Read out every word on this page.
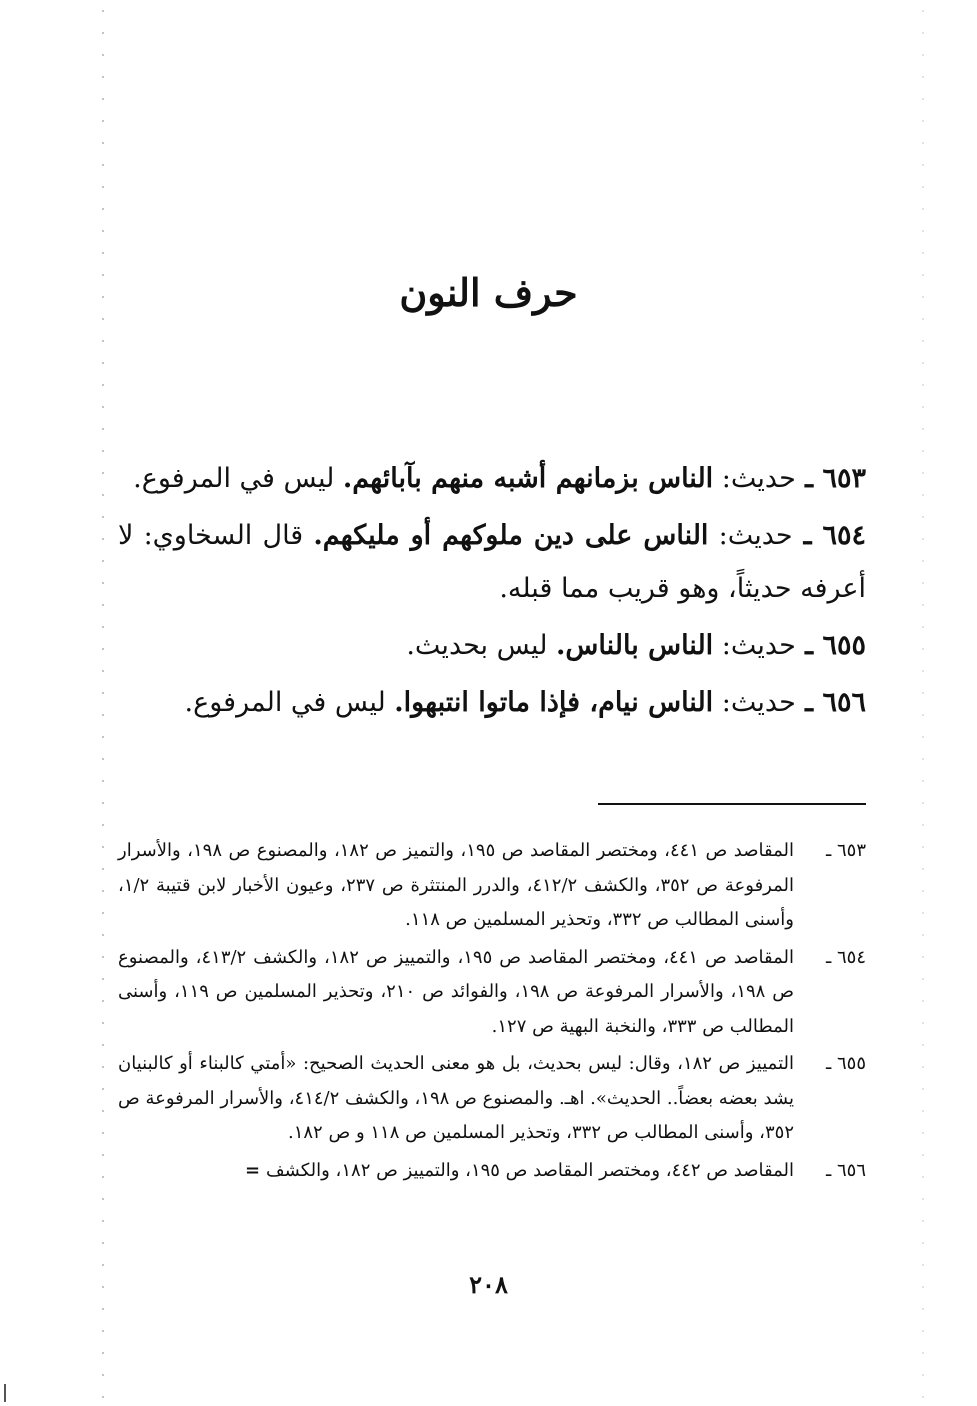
حرف النون

٦٥٣ ـ حديث: الناس بزمانهم أشبه منهم بآبائهم. ليس في المرفوع.

٦٥٤ ـ حديث: الناس على دين ملوكهم أو مليكهم. قال السخاوي: لا أعرفه حديثاً، وهو قريب مما قبله.

٦٥٥ ـ حديث: الناس بالناس. ليس بحديث.

٦٥٦ ـ حديث: الناس نيام، فإذا ماتوا انتبهوا. ليس في المرفوع.

٦٥٣ ـ
المقاصد ص ٤٤١، ومختصر المقاصد ص ١٩٥، والتميز ص ١٨٢، والمصنوع ص ١٩٨، والأسرار المرفوعة ص ٣٥٢، والكشف ٤١٢/٢، والدرر المنتثرة ص ٢٣٧، وعيون الأخبار لابن قتيبة ١/٢، وأسنى المطالب ص ٣٣٢، وتحذير المسلمين ص ١١٨.
٦٥٤ ـ
المقاصد ص ٤٤١، ومختصر المقاصد ص ١٩٥، والتمييز ص ١٨٢، والكشف ٤١٣/٢، والمصنوع ص ١٩٨، والأسرار المرفوعة ص ١٩٨، والفوائد ص ٢١٠، وتحذير المسلمين ص ١١٩، وأسنى المطالب ص ٣٣٣، والنخبة البهية ص ١٢٧.
٦٥٥ ـ
التمييز ص ١٨٢، وقال: ليس بحديث، بل هو معنى الحديث الصحيح: «أمتي كالبناء أو كالبنيان يشد بعضه بعضاً.. الحديث». اهـ. والمصنوع ص ١٩٨، والكشف ٤١٤/٢، والأسرار المرفوعة ص ٣٥٢، وأسنى المطالب ص ٣٣٢، وتحذير المسلمين ص ١١٨ و ص ١٨٢.
٦٥٦ ـ
المقاصد ص ٤٤٢، ومختصر المقاصد ص ١٩٥، والتمييز ص ١٨٢، والكشف=
٢٠٨
